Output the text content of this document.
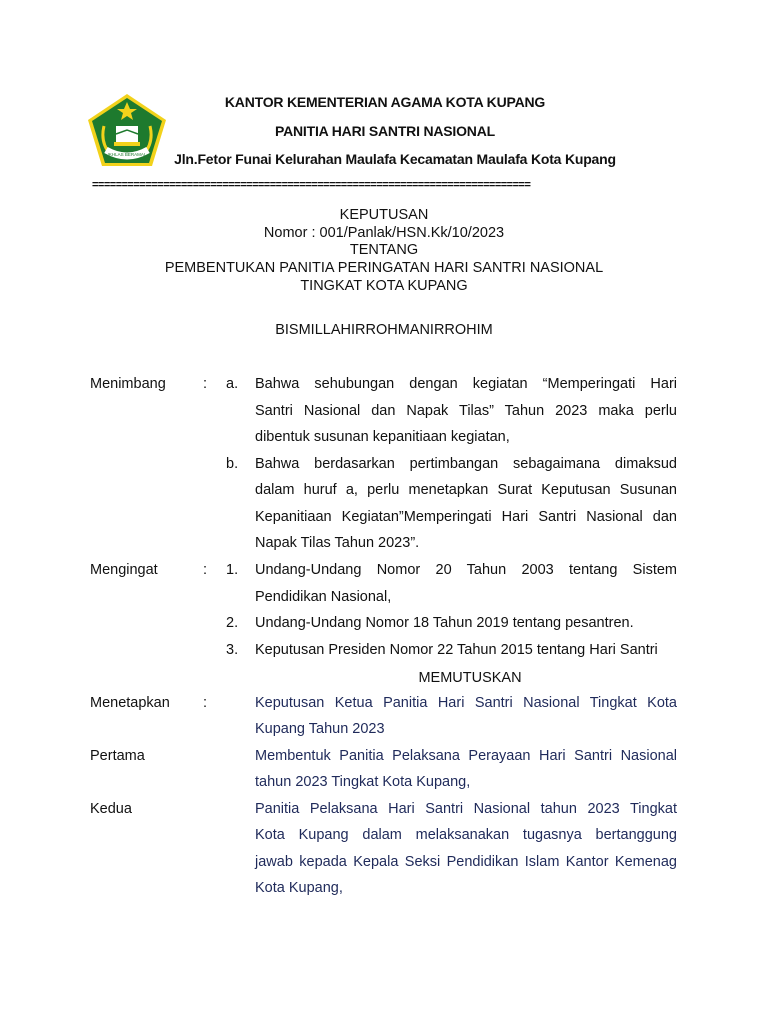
IKHLAS BERAMAL
KANTOR KEMENTERIAN AGAMA KOTA KUPANG
PANITIA HARI SANTRI NASIONAL
Jln.Fetor Funai Kelurahan Maulafa Kecamatan Maulafa Kota Kupang
==========================================================================
KEPUTUSAN
Nomor : 001/Panlak/HSN.Kk/10/2023
TENTANG
PEMBENTUKAN PANITIA PERINGATAN HARI SANTRI NASIONAL
TINGKAT KOTA KUPANG
BISMILLAHIRROHMANIRROHIM
Menimbang	: a. Bahwa sehubungan dengan kegiatan “Memperingati Hari
Santri Nasional dan Napak Tilas” Tahun 2023 maka perlu
dibentuk susunan kepanitiaan kegiatan,
b. Bahwa berdasarkan pertimbangan sebagaimana dimaksud
dalam huruf a, perlu menetapkan Surat Keputusan Susunan
Kepanitiaan Kegiatan”Memperingati Hari Santri Nasional dan
Napak Tilas Tahun 2023”.
Mengingat	: 1. Undang-Undang Nomor 20 Tahun 2003 tentang Sistem
Pendidikan Nasional,
2. Undang-Undang Nomor 18 Tahun 2019 tentang pesantren.
3. Keputusan Presiden Nomor 22 Tahun 2015 tentang Hari Santri
MEMUTUSKAN
Menetapkan :	Keputusan Ketua Panitia Hari Santri Nasional Tingkat Kota
Kupang Tahun 2023
Pertama	Membentuk Panitia Pelaksana Perayaan Hari Santri Nasional
tahun 2023 Tingkat Kota Kupang,
Kedua	Panitia Pelaksana Hari Santri Nasional tahun 2023 Tingkat
Kota Kupang dalam melaksanakan tugasnya bertanggung
jawab kepada Kepala Seksi Pendidikan Islam Kantor Kemenag
Kota Kupang,
